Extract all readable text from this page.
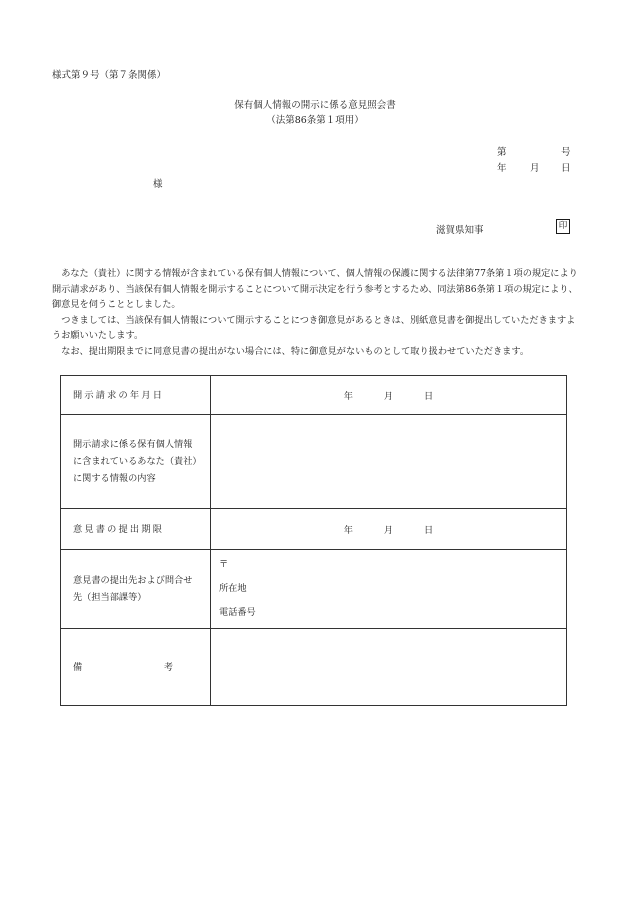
様式第９号（第７条関係）
保有個人情報の開示に係る意見照会書
（法第86条第１項用）
第	号
年 月 日
様
滋賀県知事	印

あなた（貴社）に関する情報が含まれている保有個人情報について、個人情報の保護に関する法律第77条第１項の規定により開示請求があり、当該保有個人情報を開示することについて開示決定を行う参考とするため、同法第86条第１項の規定により、御意見を伺うこととしました。

つきましては、当該保有個人情報について開示することにつき御意見があるときは、別紙意見書を御提出していただきますようお願いいたします。

なお、提出期限までに同意見書の提出がない場合には、特に御意見がないものとして取り扱わせていただきます。

開示請求の年月日	年 月 日

開示請求に係る保有個人情報に含まれているあなた（貴社）に関する情報の内容	
意見書の提出期限	年 月 日

意見書の提出先および問合せ先（担当部課等）	〒
所在地
電話番号

備 考	
